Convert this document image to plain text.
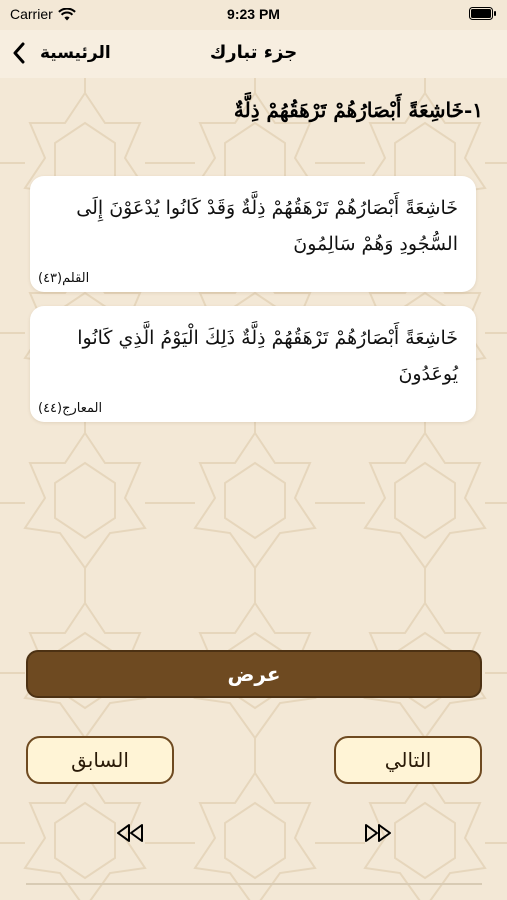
Carrier	9:23 PM
الرئيسية	جزء تبارك
١-خَاشِعَةً أَبْصَارُهُمْ تَرْهَقُهُمْ ذِلَّةٌ
خَاشِعَةً أَبْصَارُهُمْ تَرْهَقُهُمْ ذِلَّةٌ وَقَدْ كَانُوا يُدْعَوْنَ إِلَى السُّجُودِ وَهُمْ سَالِمُونَ
القلم(٤٣)
خَاشِعَةً أَبْصَارُهُمْ تَرْهَقُهُمْ ذِلَّةٌ ذَلِكَ الْيَوْمُ الَّذِي كَانُوا يُوعَدُونَ
المعارج(٤٤)
عرض
السابق	التالي
